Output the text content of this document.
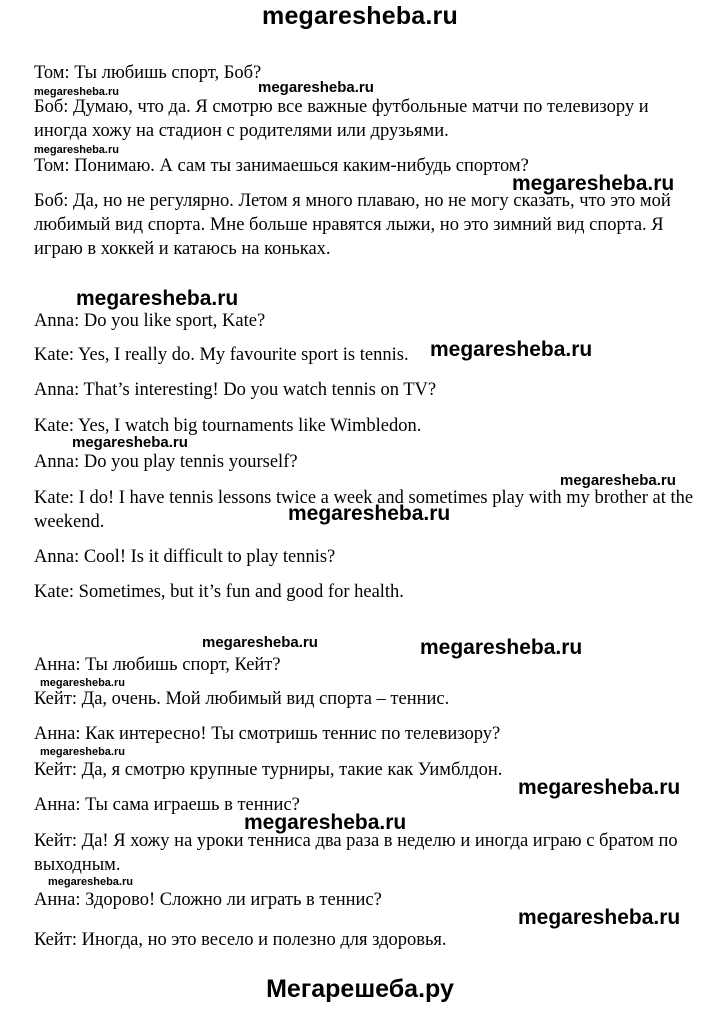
megaresheba.ru
Том: Ты любишь спорт, Боб?
Боб: Думаю, что да. Я смотрю все важные футбольные матчи по телевизору и иногда хожу на стадион с родителями или друзьями.
Том: Понимаю. А сам ты занимаешься каким-нибудь спортом?
Боб: Да, но не регулярно. Летом я много плаваю, но не могу сказать, что это мой любимый вид спорта. Мне больше нравятся лыжи, но это зимний вид спорта. Я играю в хоккей и катаюсь на коньках.
Anna: Do you like sport, Kate?
Kate: Yes, I really do. My favourite sport is tennis.
Anna: That’s interesting! Do you watch tennis on TV?
Kate: Yes, I watch big tournaments like Wimbledon.
Anna: Do you play tennis yourself?
Kate: I do! I have tennis lessons twice a week and sometimes play with my brother at the weekend.
Anna: Cool! Is it difficult to play tennis?
Kate: Sometimes, but it’s fun and good for health.
Анна: Ты любишь спорт, Кейт?
Кейт: Да, очень. Мой любимый вид спорта – теннис.
Анна: Как интересно! Ты смотришь теннис по телевизору?
Кейт: Да, я смотрю крупные турниры, такие как Уимблдон.
Анна: Ты сама играешь в теннис?
Кейт: Да! Я хожу на уроки тенниса два раза в неделю и иногда играю с братом по выходным.
Анна: Здорово! Сложно ли играть в теннис?
Кейт: Иногда, но это весело и полезно для здоровья.
megaresheba.ru
megaresheba.ru
megaresheba.ru
megaresheba.ru
megaresheba.ru
megaresheba.ru
megaresheba.ru
megaresheba.ru
megaresheba.ru
megaresheba.ru	megaresheba.ru
megaresheba.ru
megaresheba.ru
megaresheba.ru
megaresheba.ru
megaresheba.ru
megaresheba.ru
Мегарешеба.ру
